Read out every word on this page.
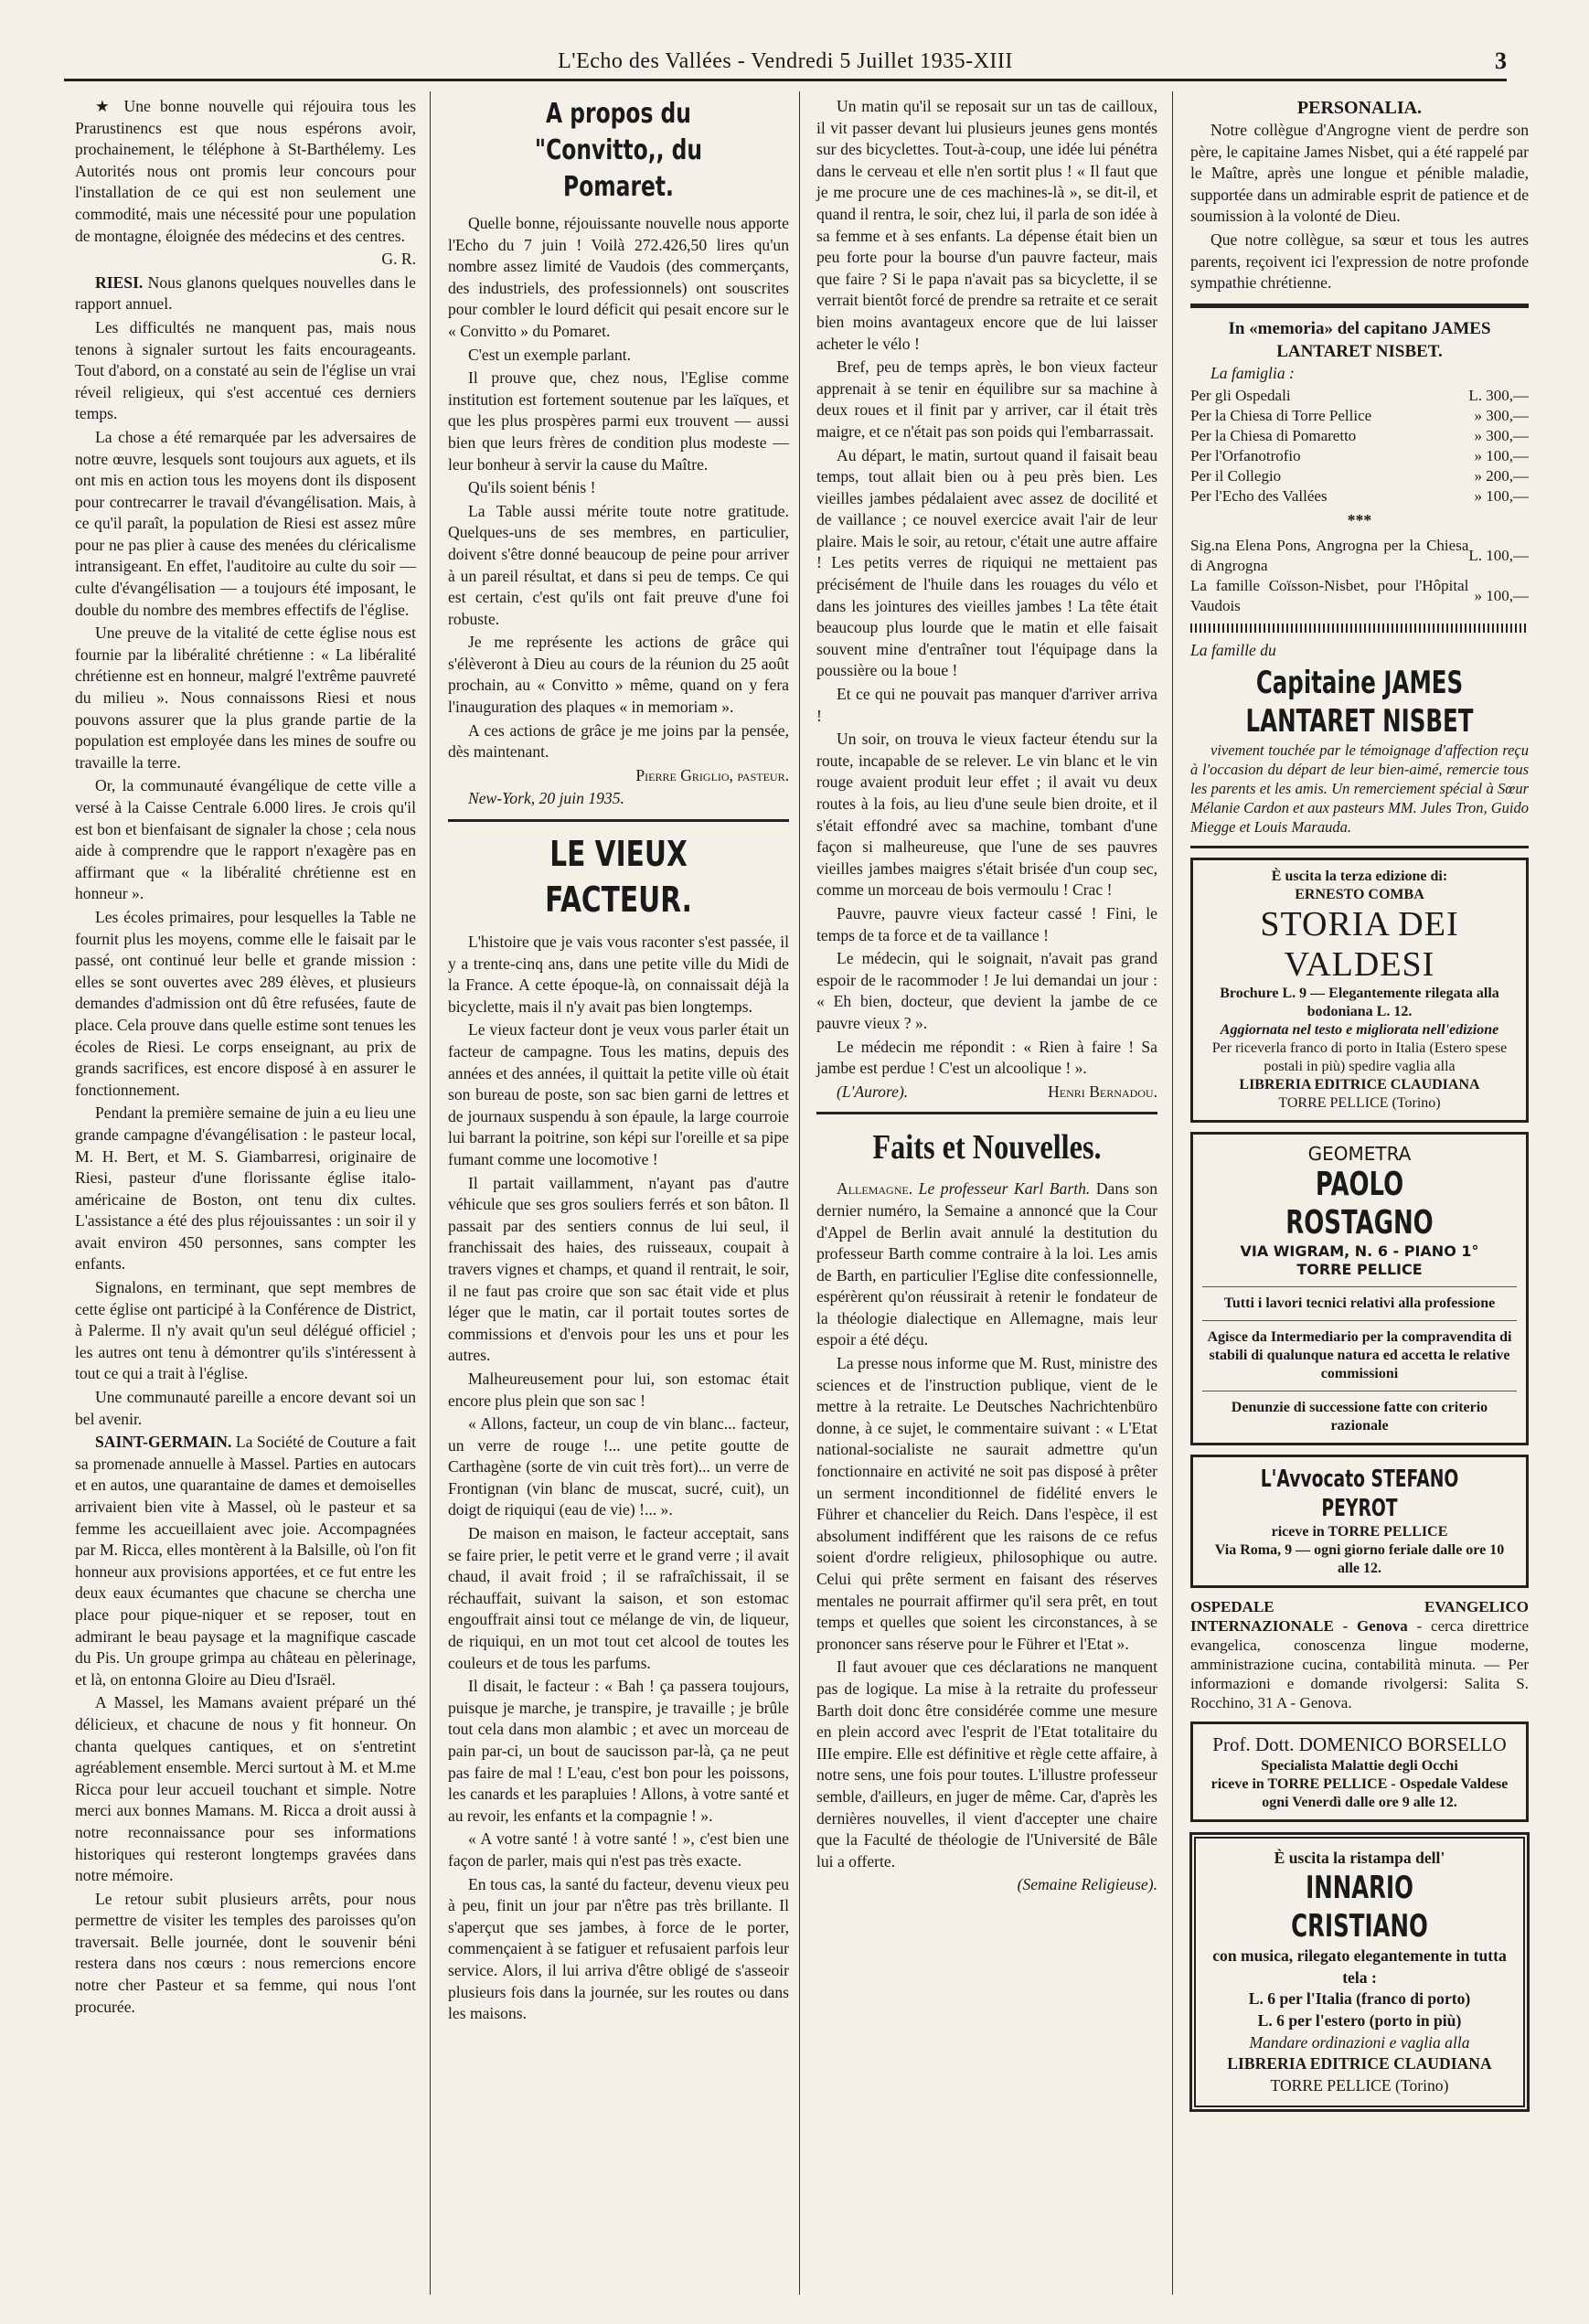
L'Echo des Vallées - Vendredi 5 Juillet 1935-XIII	3

★ Une bonne nouvelle qui réjouira tous les Prarustinencs est que nous espérons avoir, prochainement, le téléphone à St-Barthélemy. Les Autorités nous ont promis leur concours pour l'installation de ce qui est non seulement une commodité, mais une nécessité pour une population de montagne, éloignée des médecins et des centres.

G. R.

RIESI. Nous glanons quelques nouvelles dans le rapport annuel.

Les difficultés ne manquent pas, mais nous tenons à signaler surtout les faits encourageants. Tout d'abord, on a constaté au sein de l'église un vrai réveil religieux, qui s'est accentué ces derniers temps.

La chose a été remarquée par les adversaires de notre œuvre, lesquels sont toujours aux aguets, et ils ont mis en action tous les moyens dont ils disposent pour contrecarrer le travail d'évangélisation. Mais, à ce qu'il paraît, la population de Riesi est assez mûre pour ne pas plier à cause des menées du cléricalisme intransigeant. En effet, l'auditoire au culte du soir — culte d'évangélisation — a toujours été imposant, le double du nombre des membres effectifs de l'église.

Une preuve de la vitalité de cette église nous est fournie par la libéralité chrétienne : « La libéralité chrétienne est en honneur, malgré l'extrême pauvreté du milieu ». Nous connaissons Riesi et nous pouvons assurer que la plus grande partie de la population est employée dans les mines de soufre ou travaille la terre.

Or, la communauté évangélique de cette ville a versé à la Caisse Centrale 6.000 lires. Je crois qu'il est bon et bienfaisant de signaler la chose ; cela nous aide à comprendre que le rapport n'exagère pas en affirmant que « la libéralité chrétienne est en honneur ».

Les écoles primaires, pour lesquelles la Table ne fournit plus les moyens, comme elle le faisait par le passé, ont continué leur belle et grande mission : elles se sont ouvertes avec 289 élèves, et plusieurs demandes d'admission ont dû être refusées, faute de place. Cela prouve dans quelle estime sont tenues les écoles de Riesi. Le corps enseignant, au prix de grands sacrifices, est encore disposé à en assurer le fonctionnement.

Pendant la première semaine de juin a eu lieu une grande campagne d'évangélisation : le pasteur local, M. H. Bert, et M. S. Giambarresi, originaire de Riesi, pasteur d'une florissante église italo-américaine de Boston, ont tenu dix cultes. L'assistance a été des plus réjouissantes : un soir il y avait environ 450 personnes, sans compter les enfants.

Signalons, en terminant, que sept membres de cette église ont participé à la Conférence de District, à Palerme. Il n'y avait qu'un seul délégué officiel ; les autres ont tenu à démontrer qu'ils s'intéressent à tout ce qui a trait à l'église.

Une communauté pareille a encore devant soi un bel avenir.

SAINT-GERMAIN. La Société de Couture a fait sa promenade annuelle à Massel. Parties en autocars et en autos, une quarantaine de dames et demoiselles arrivaient bien vite à Massel, où le pasteur et sa femme les accueillaient avec joie. Accompagnées par M. Ricca, elles montèrent à la Balsille, où l'on fit honneur aux provisions apportées, et ce fut entre les deux eaux écumantes que chacune se chercha une place pour pique-niquer et se reposer, tout en admirant le beau paysage et la magnifique cascade du Pis. Un groupe grimpa au château en pèlerinage, et là, on entonna Gloire au Dieu d'Israël.

A Massel, les Mamans avaient préparé un thé délicieux, et chacune de nous y fit honneur. On chanta quelques cantiques, et on s'entretint agréablement ensemble. Merci surtout à M. et M.me Ricca pour leur accueil touchant et simple. Notre merci aux bonnes Mamans. M. Ricca a droit aussi à notre reconnaissance pour ses informations historiques qui resteront longtemps gravées dans notre mémoire.

Le retour subit plusieurs arrêts, pour nous permettre de visiter les temples des paroisses qu'on traversait. Belle journée, dont le souvenir béni restera dans nos cœurs : nous remercions encore notre cher Pasteur et sa femme, qui nous l'ont procurée.

A propos du "Convitto,, du Pomaret.

Quelle bonne, réjouissante nouvelle nous apporte l'Echo du 7 juin ! Voilà 272.426,50 lires qu'un nombre assez limité de Vaudois (des commerçants, des industriels, des professionnels) ont souscrites pour combler le lourd déficit qui pesait encore sur le « Convitto » du Pomaret.

C'est un exemple parlant.

Il prouve que, chez nous, l'Eglise comme institution est fortement soutenue par les laïques, et que les plus prospères parmi eux trouvent — aussi bien que leurs frères de condition plus modeste — leur bonheur à servir la cause du Maître.

Qu'ils soient bénis !

La Table aussi mérite toute notre gratitude. Quelques-uns de ses membres, en particulier, doivent s'être donné beaucoup de peine pour arriver à un pareil résultat, et dans si peu de temps. Ce qui est certain, c'est qu'ils ont fait preuve d'une foi robuste.

Je me représente les actions de grâce qui s'élèveront à Dieu au cours de la réunion du 25 août prochain, au « Convitto » même, quand on y fera l'inauguration des plaques « in memoriam ».

A ces actions de grâce je me joins par la pensée, dès maintenant.

Pierre Griglio, pasteur.

New-York, 20 juin 1935.

LE VIEUX FACTEUR.

L'histoire que je vais vous raconter s'est passée, il y a trente-cinq ans, dans une petite ville du Midi de la France. A cette époque-là, on connaissait déjà la bicyclette, mais il n'y avait pas bien longtemps.

Le vieux facteur dont je veux vous parler était un facteur de campagne. Tous les matins, depuis des années et des années, il quittait la petite ville où était son bureau de poste, son sac bien garni de lettres et de journaux suspendu à son épaule, la large courroie lui barrant la poitrine, son képi sur l'oreille et sa pipe fumant comme une locomotive !

Il partait vaillamment, n'ayant pas d'autre véhicule que ses gros souliers ferrés et son bâton. Il passait par des sentiers connus de lui seul, il franchissait des haies, des ruisseaux, coupait à travers vignes et champs, et quand il rentrait, le soir, il ne faut pas croire que son sac était vide et plus léger que le matin, car il portait toutes sortes de commissions et d'envois pour les uns et pour les autres.

Malheureusement pour lui, son estomac était encore plus plein que son sac !

« Allons, facteur, un coup de vin blanc... facteur, un verre de rouge !... une petite goutte de Carthagène (sorte de vin cuit très fort)... un verre de Frontignan (vin blanc de muscat, sucré, cuit), un doigt de riquiqui (eau de vie) !... ».

De maison en maison, le facteur acceptait, sans se faire prier, le petit verre et le grand verre ; il avait chaud, il avait froid ; il se rafraîchissait, il se réchauffait, suivant la saison, et son estomac engouffrait ainsi tout ce mélange de vin, de liqueur, de riquiqui, en un mot tout cet alcool de toutes les couleurs et de tous les parfums.

Il disait, le facteur : « Bah ! ça passera toujours, puisque je marche, je transpire, je travaille ; je brûle tout cela dans mon alambic ; et avec un morceau de pain par-ci, un bout de saucisson par-là, ça ne peut pas faire de mal ! L'eau, c'est bon pour les poissons, les canards et les parapluies ! Allons, à votre santé et au revoir, les enfants et la compagnie ! ».

« A votre santé ! à votre santé ! », c'est bien une façon de parler, mais qui n'est pas très exacte.

En tous cas, la santé du facteur, devenu vieux peu à peu, finit un jour par n'être pas très brillante. Il s'aperçut que ses jambes, à force de le porter, commençaient à se fatiguer et refusaient parfois leur service. Alors, il lui arriva d'être obligé de s'asseoir plusieurs fois dans la journée, sur les routes ou dans les maisons.

Un matin qu'il se reposait sur un tas de cailloux, il vit passer devant lui plusieurs jeunes gens montés sur des bicyclettes. Tout-à-coup, une idée lui pénétra dans le cerveau et elle n'en sortit plus ! « Il faut que je me procure une de ces machines-là », se dit-il, et quand il rentra, le soir, chez lui, il parla de son idée à sa femme et à ses enfants. La dépense était bien un peu forte pour la bourse d'un pauvre facteur, mais que faire ? Si le papa n'avait pas sa bicyclette, il se verrait bientôt forcé de prendre sa retraite et ce serait bien moins avantageux encore que de lui laisser acheter le vélo !

Bref, peu de temps après, le bon vieux facteur apprenait à se tenir en équilibre sur sa machine à deux roues et il finit par y arriver, car il était très maigre, et ce n'était pas son poids qui l'embarrassait.

Au départ, le matin, surtout quand il faisait beau temps, tout allait bien ou à peu près bien. Les vieilles jambes pédalaient avec assez de docilité et de vaillance ; ce nouvel exercice avait l'air de leur plaire. Mais le soir, au retour, c'était une autre affaire ! Les petits verres de riquiqui ne mettaient pas précisément de l'huile dans les rouages du vélo et dans les jointures des vieilles jambes ! La tête était beaucoup plus lourde que le matin et elle faisait souvent mine d'entraîner tout l'équipage dans la poussière ou la boue !

Et ce qui ne pouvait pas manquer d'arriver arriva !

Un soir, on trouva le vieux facteur étendu sur la route, incapable de se relever. Le vin blanc et le vin rouge avaient produit leur effet ; il avait vu deux routes à la fois, au lieu d'une seule bien droite, et il s'était effondré avec sa machine, tombant d'une façon si malheureuse, que l'une de ses pauvres vieilles jambes maigres s'était brisée d'un coup sec, comme un morceau de bois vermoulu ! Crac !

Pauvre, pauvre vieux facteur cassé ! Fini, le temps de ta force et de ta vaillance !

Le médecin, qui le soignait, n'avait pas grand espoir de le racommoder ! Je lui demandai un jour : « Eh bien, docteur, que devient la jambe de ce pauvre vieux ? ».

Le médecin me répondit : « Rien à faire ! Sa jambe est perdue ! C'est un alcoolique ! ».

(L'Aurore).	Henri Bernadou.

Faits et Nouvelles.

Allemagne. Le professeur Karl Barth. Dans son dernier numéro, la Semaine a annoncé que la Cour d'Appel de Berlin avait annulé la destitution du professeur Barth comme contraire à la loi. Les amis de Barth, en particulier l'Eglise dite confessionnelle, espérèrent qu'on réussirait à retenir le fondateur de la théologie dialectique en Allemagne, mais leur espoir a été déçu.

La presse nous informe que M. Rust, ministre des sciences et de l'instruction publique, vient de le mettre à la retraite. Le Deutsches Nachrichtenbüro donne, à ce sujet, le commentaire suivant : « L'Etat national-socialiste ne saurait admettre qu'un fonctionnaire en activité ne soit pas disposé à prêter un serment inconditionnel de fidélité envers le Führer et chancelier du Reich. Dans l'espèce, il est absolument indifférent que les raisons de ce refus soient d'ordre religieux, philosophique ou autre. Celui qui prête serment en faisant des réserves mentales ne pourrait affirmer qu'il sera prêt, en tout temps et quelles que soient les circonstances, à se prononcer sans réserve pour le Führer et l'Etat ».

Il faut avouer que ces déclarations ne manquent pas de logique. La mise à la retraite du professeur Barth doit donc être considérée comme une mesure en plein accord avec l'esprit de l'Etat totalitaire du IIIe empire. Elle est définitive et règle cette affaire, à notre sens, une fois pour toutes. L'illustre professeur semble, d'ailleurs, en juger de même. Car, d'après les dernières nouvelles, il vient d'accepter une chaire que la Faculté de théologie de l'Université de Bâle lui a offerte.

(Semaine Religieuse).

PERSONALIA.

Notre collègue d'Angrogne vient de perdre son père, le capitaine James Nisbet, qui a été rappelé par le Maître, après une longue et pénible maladie, supportée dans un admirable esprit de patience et de soumission à la volonté de Dieu.

Que notre collègue, sa sœur et tous les autres parents, reçoivent ici l'expression de notre profonde sympathie chrétienne.

In «memoria» del capitano JAMES LANTARET NISBET.

La famiglia :

Per gli Ospedali	L. 300,—
Per la Chiesa di Torre Pellice	» 300,—
Per la Chiesa di Pomaretto	» 300,—
Per l'Orfanotrofio	» 100,—
Per il Collegio	» 200,—
Per l'Echo des Vallées	» 100,—
***
Sig.na Elena Pons, Angrogna per la Chiesa di Angrogna	L. 100,—
La famille Coïsson-Nisbet, pour l'Hôpital Vaudois	» 100,—

La famille du

Capitaine JAMES LANTARET NISBET

vivement touchée par le témoignage d'affection reçu à l'occasion du départ de leur bien-aimé, remercie tous les parents et les amis. Un remerciement spécial à Sœur Mélanie Cardon et aux pasteurs MM. Jules Tron, Guido Miegge et Louis Marauda.

È uscita la terza edizione di:
ERNESTO COMBA
STORIA DEI VALDESI
Brochure L. 9 — Elegantemente rilegata alla bodoniana L. 12.
Aggiornata nel testo e migliorata nell'edizione
Per riceverla franco di porto in Italia (Estero spese postali in più) spedire vaglia alla
LIBRERIA EDITRICE CLAUDIANA
TORRE PELLICE (Torino)
GEOMETRA
PAOLO ROSTAGNO
VIA WIGRAM, N. 6 - PIANO 1°
TORRE PELLICE
Tutti i lavori tecnici relativi alla professione
Agisce da Intermediario per la compravendita di stabili di qualunque natura ed accetta le relative commissioni
Denunzie di successione fatte con criterio razionale
L'Avvocato STEFANO PEYROT
riceve in TORRE PELLICE
Via Roma, 9 — ogni giorno feriale dalle ore 10 alle 12.
OSPEDALE EVANGELICO INTERNAZIONALE - Genova - cerca direttrice evangelica, conoscenza lingue moderne, amministrazione cucina, contabilità minuta. — Per informazioni e domande rivolgersi: Salita S. Rocchino, 31 A - Genova.
Prof. Dott. DOMENICO BORSELLO
Specialista Malattie degli Occhi
riceve in TORRE PELLICE - Ospedale Valdese ogni Venerdì dalle ore 9 alle 12.
È uscita la ristampa dell'
INNARIO CRISTIANO
con musica, rilegato elegantemente in tutta tela :
L. 6 per l'Italia (franco di porto)
L. 6 per l'estero (porto in più)
Mandare ordinazioni e vaglia alla
LIBRERIA EDITRICE CLAUDIANA
TORRE PELLICE (Torino)
